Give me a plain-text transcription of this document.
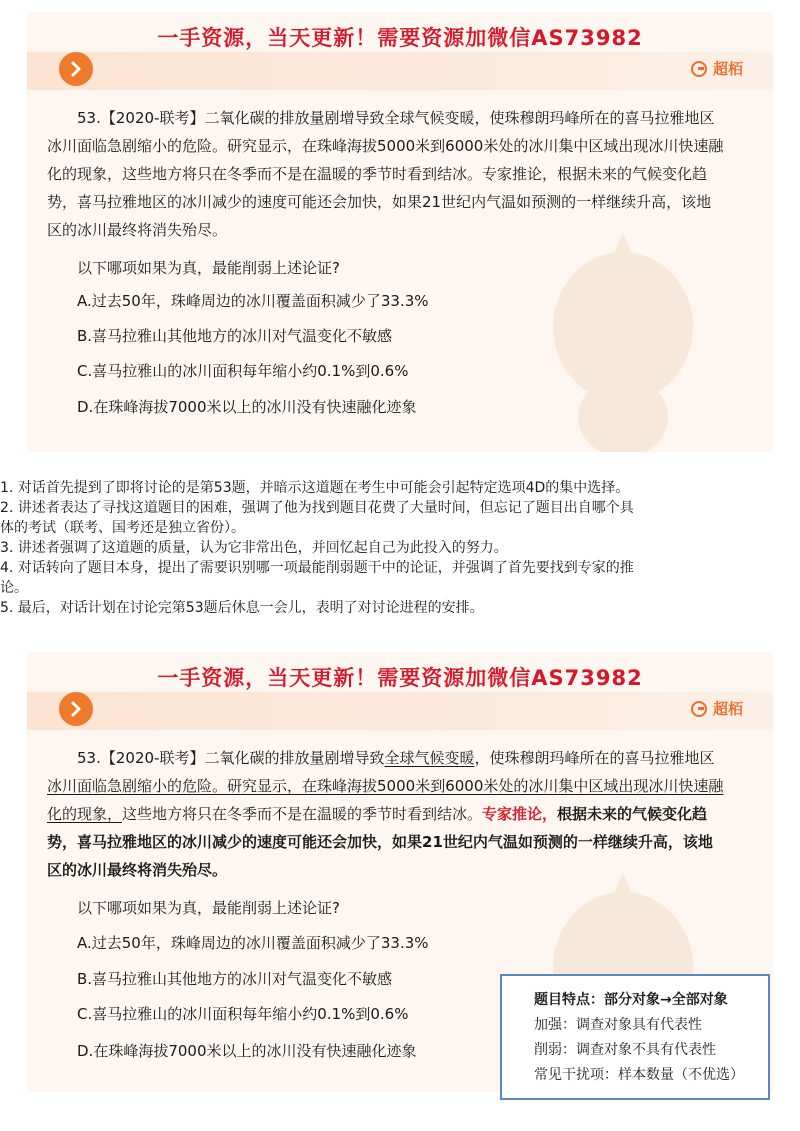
一手资源，当天更新！需要资源加微信AS73982
超栢

53.【2020-联考】二氧化碳的排放量剧增导致全球气候变暖，使珠穆朗玛峰所在的喜马拉雅地区

冰川面临急剧缩小的危险。研究显示，在珠峰海拔5000米到6000米处的冰川集中区域出现冰川快速融

化的现象，这些地方将只在冬季而不是在温暖的季节时看到结冰。专家推论，根据未来的气候变化趋

势，喜马拉雅地区的冰川减少的速度可能还会加快，如果21世纪内气温如预测的一样继续升高，该地

区的冰川最终将消失殆尽。

以下哪项如果为真，最能削弱上述论证?
A.过去50年，珠峰周边的冰川覆盖面积减少了33.3%
B.喜马拉雅山其他地方的冰川对气温变化不敏感
C.喜马拉雅山的冰川面积每年缩小约0.1%到0.6%
D.在珠峰海拔7000米以上的冰川没有快速融化迹象
1. 对话首先提到了即将讨论的是第53题，并暗示这道题在考生中可能会引起特定选项4D的集中选择。
2. 讲述者表达了寻找这道题目的困难，强调了他为找到题目花费了大量时间，但忘记了题目出自哪个具
体的考试（联考、国考还是独立省份）。
3. 讲述者强调了这道题的质量，认为它非常出色，并回忆起自己为此投入的努力。
4. 对话转向了题目本身，提出了需要识别哪一项最能削弱题干中的论证，并强调了首先要找到专家的推
论。
5. 最后，对话计划在讨论完第53题后休息一会儿，表明了对讨论进程的安排。
一手资源，当天更新！需要资源加微信AS73982
超栢

53.【2020-联考】二氧化碳的排放量剧增导致全球气候变暖，使珠穆朗玛峰所在的喜马拉雅地区

冰川面临急剧缩小的危险。研究显示，在珠峰海拔5000米到6000米处的冰川集中区域出现冰川快速融

化的现象，这些地方将只在冬季而不是在温暖的季节时看到结冰。专家推论，根据未来的气候变化趋

势，喜马拉雅地区的冰川减少的速度可能还会加快，如果21世纪内气温如预测的一样继续升高，该地

区的冰川最终将消失殆尽。

以下哪项如果为真，最能削弱上述论证?
A.过去50年，珠峰周边的冰川覆盖面积减少了33.3%
B.喜马拉雅山其他地方的冰川对气温变化不敏感
C.喜马拉雅山的冰川面积每年缩小约0.1%到0.6%
D.在珠峰海拔7000米以上的冰川没有快速融化迹象
题目特点：部分对象→全部对象
加强：调查对象具有代表性
削弱：调查对象不具有代表性
常见干扰项：样本数量（不优选）
